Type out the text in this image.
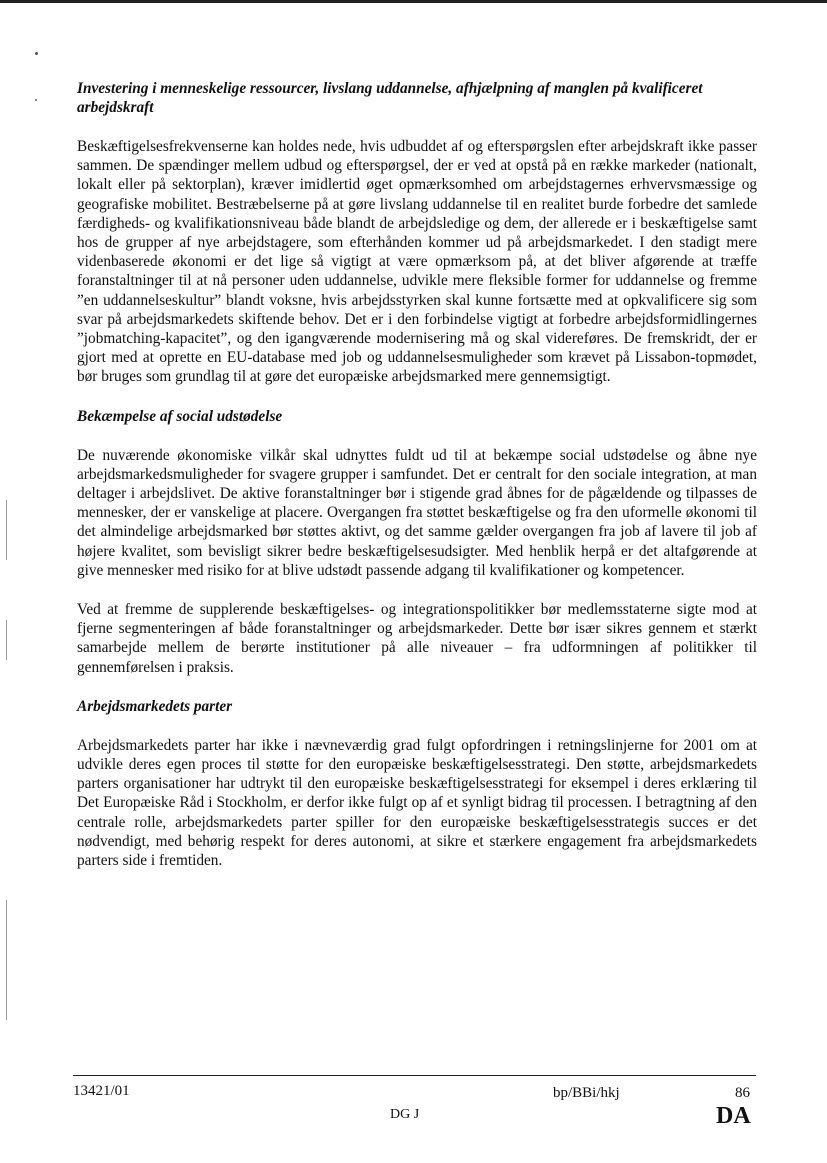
Investering i menneskelige ressourcer, livslang uddannelse, afhjælpning af manglen på kvalificeret arbejdskraft

Beskæftigelsesfrekvenserne kan holdes nede, hvis udbuddet af og efterspørgslen efter arbejdskraft ikke passer sammen. De spændinger mellem udbud og efterspørgsel, der er ved at opstå på en række markeder (nationalt, lokalt eller på sektorplan), kræver imidlertid øget opmærksomhed om arbejdstagernes erhvervsmæssige og geografiske mobilitet. Bestræbelserne på at gøre livslang uddannelse til en realitet burde forbedre det samlede færdigheds- og kvalifikationsniveau både blandt de arbejdsledige og dem, der allerede er i beskæftigelse samt hos de grupper af nye arbejdstagere, som efterhånden kommer ud på arbejdsmarkedet. I den stadigt mere videnbaserede økonomi er det lige så vigtigt at være opmærksom på, at det bliver afgørende at træffe foranstaltninger til at nå personer uden uddannelse, udvikle mere fleksible former for uddannelse og fremme ”en uddannelseskultur” blandt voksne, hvis arbejdsstyrken skal kunne fortsætte med at opkvalificere sig som svar på arbejdsmarkedets skiftende behov. Det er i den forbindelse vigtigt at forbedre arbejdsformidlingernes ”jobmatching-kapacitet”, og den igangværende modernisering må og skal videreføres. De fremskridt, der er gjort med at oprette en EU-database med job og uddannelsesmuligheder som krævet på Lissabon-topmødet, bør bruges som grundlag til at gøre det europæiske arbejdsmarked mere gennemsigtigt.

Bekæmpelse af social udstødelse

De nuværende økonomiske vilkår skal udnyttes fuldt ud til at bekæmpe social udstødelse og åbne nye arbejdsmarkedsmuligheder for svagere grupper i samfundet. Det er centralt for den sociale integration, at man deltager i arbejdslivet. De aktive foranstaltninger bør i stigende grad åbnes for de pågældende og tilpasses de mennesker, der er vanskelige at placere. Overgangen fra støttet beskæftigelse og fra den uformelle økonomi til det almindelige arbejdsmarked bør støttes aktivt, og det samme gælder overgangen fra job af lavere til job af højere kvalitet, som bevisligt sikrer bedre beskæftigelsesudsigter. Med henblik herpå er det altafgørende at give mennesker med risiko for at blive udstødt passende adgang til kvalifikationer og kompetencer.

Ved at fremme de supplerende beskæftigelses- og integrationspolitikker bør medlemsstaterne sigte mod at fjerne segmenteringen af både foranstaltninger og arbejdsmarkeder. Dette bør især sikres gennem et stærkt samarbejde mellem de berørte institutioner på alle niveauer – fra udformningen af politikker til gennemførelsen i praksis.

Arbejdsmarkedets parter

Arbejdsmarkedets parter har ikke i nævneværdig grad fulgt opfordringen i retningslinjerne for 2001 om at udvikle deres egen proces til støtte for den europæiske beskæftigelsesstrategi. Den støtte, arbejdsmarkedets parters organisationer har udtrykt til den europæiske beskæftigelsesstrategi for eksempel i deres erklæring til Det Europæiske Råd i Stockholm, er derfor ikke fulgt op af et synligt bidrag til processen. I betragtning af den centrale rolle, arbejdsmarkedets parter spiller for den europæiske beskæftigelsesstrategis succes er det nødvendigt, med behørig respekt for deres autonomi, at sikre et stærkere engagement fra arbejdsmarkedets parters side i fremtiden.

13421/01	bp/BBi/hkj	86
DG J	DA
